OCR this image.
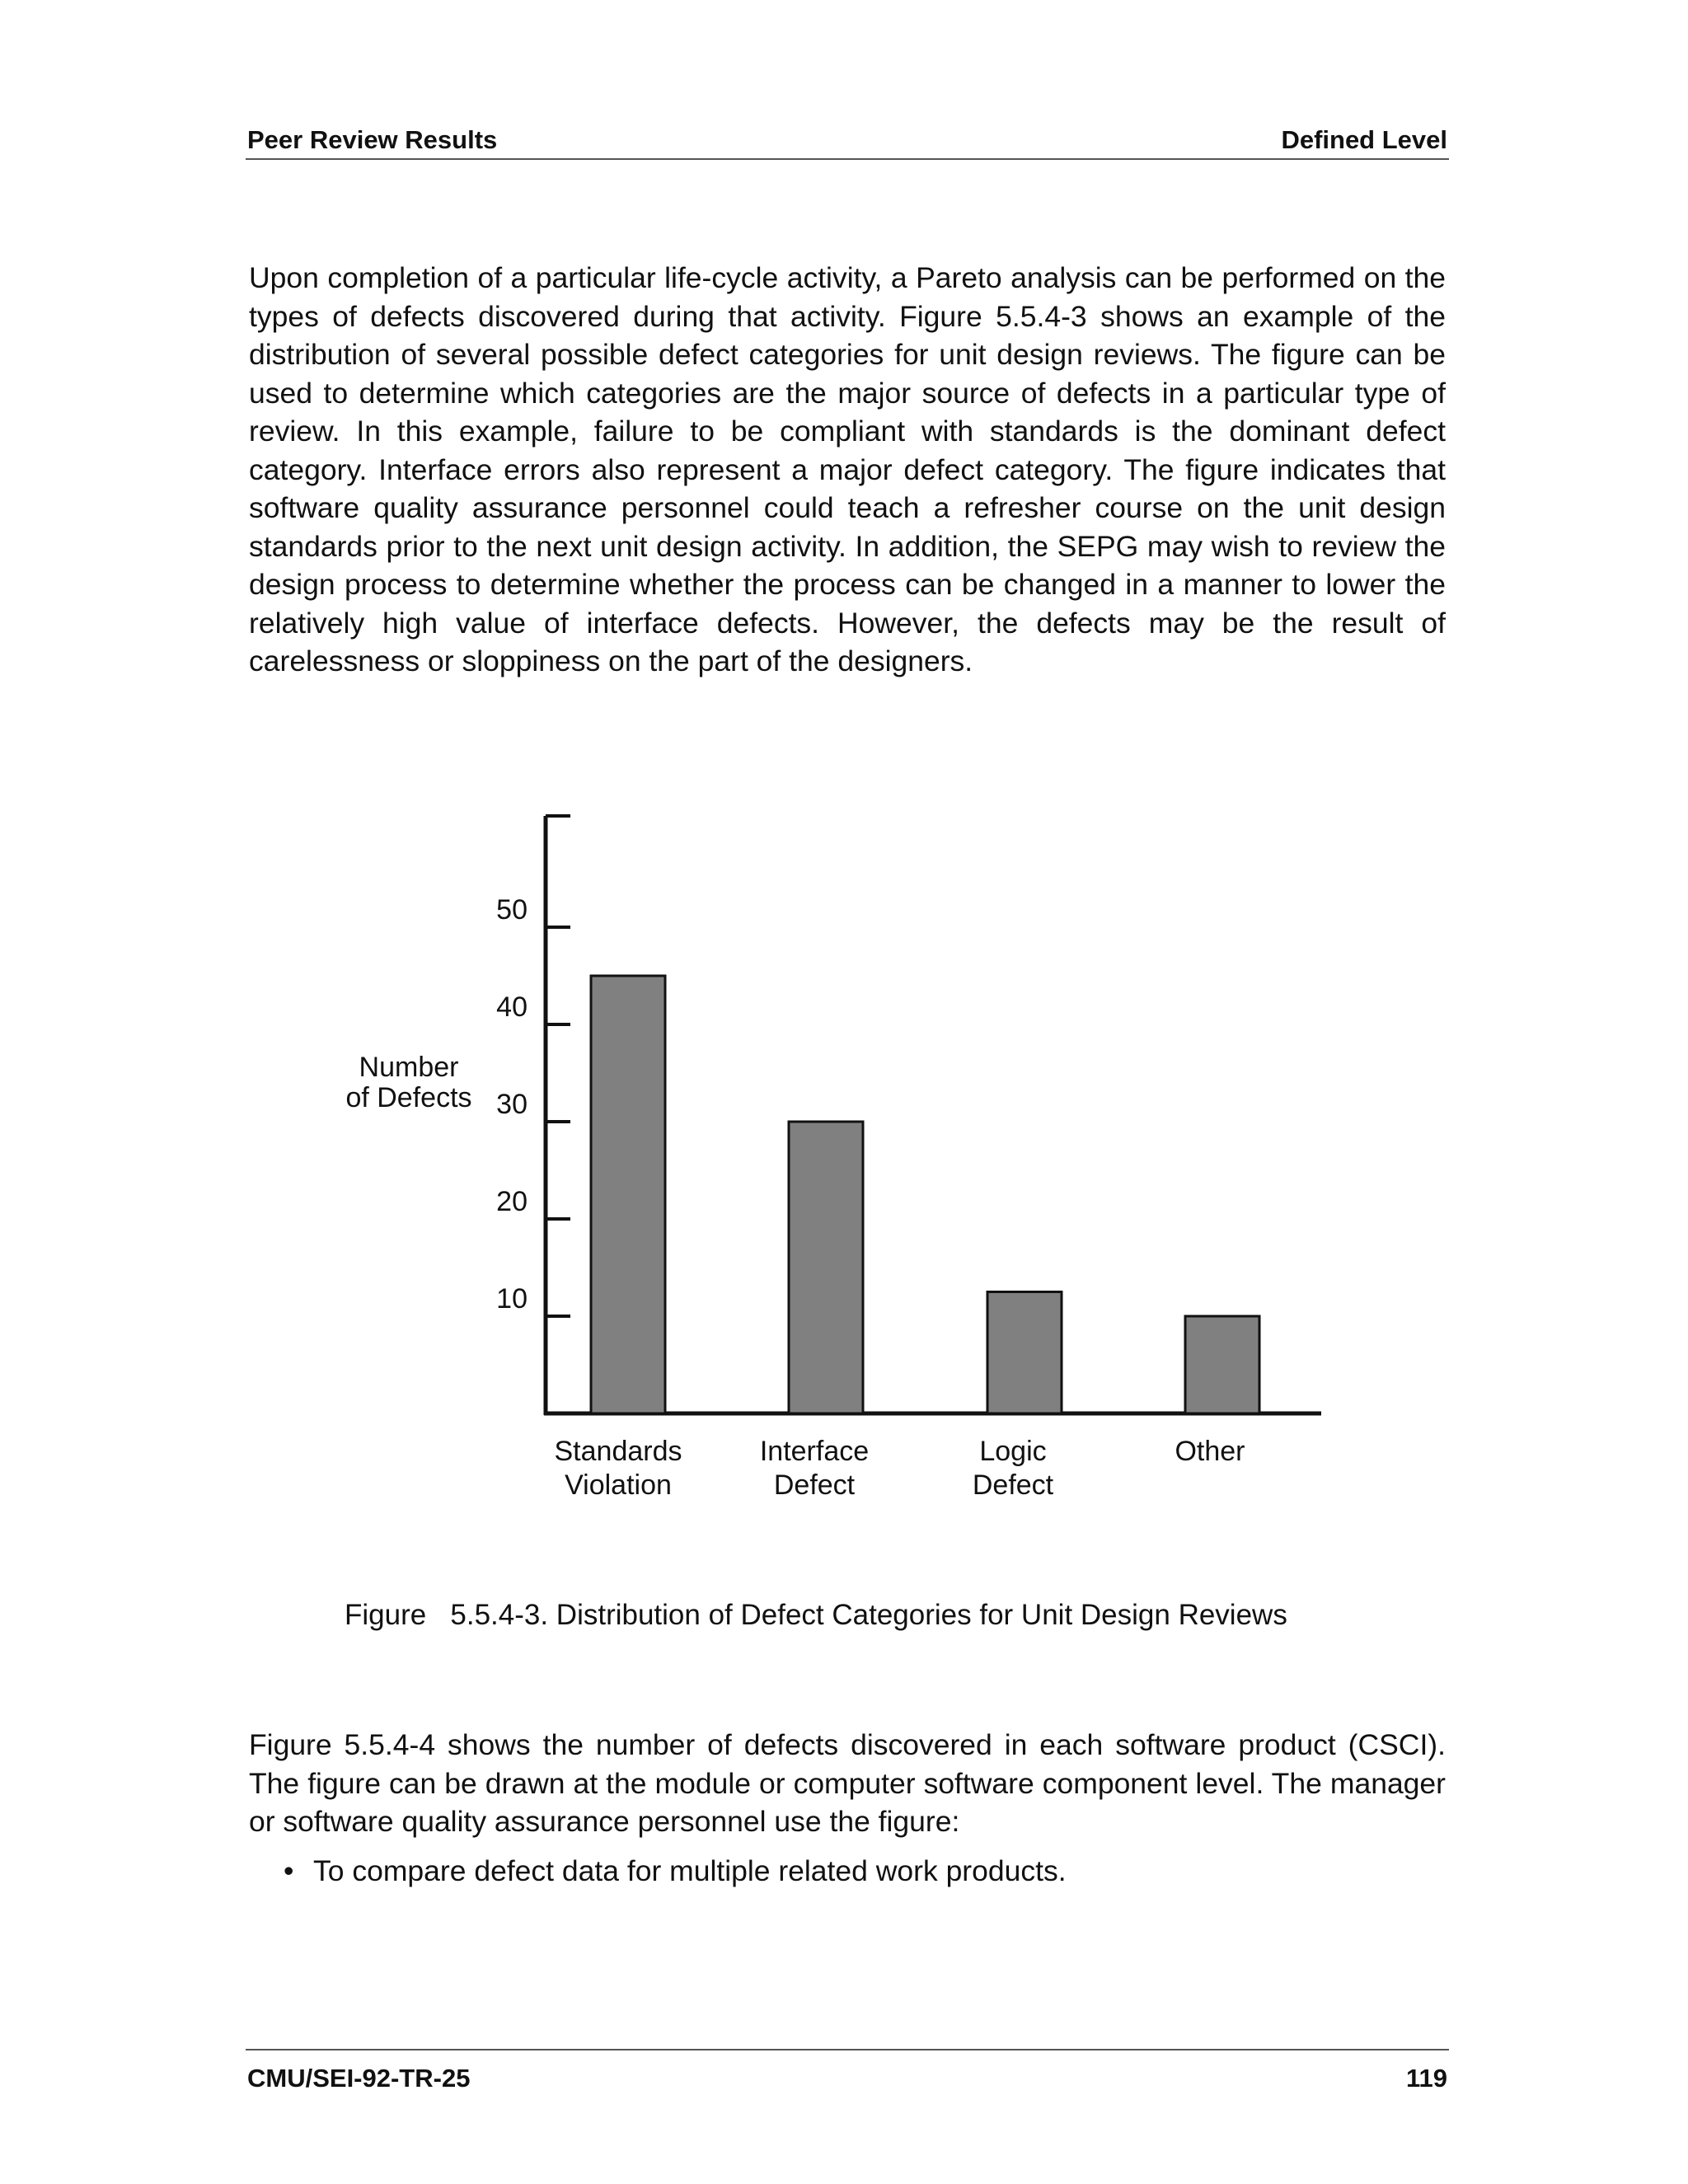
Peer Review Results	Defined Level

Upon completion of a particular life-cycle activity, a Pareto analysis can be performed on the types of defects discovered during that activity. Figure 5.5.4-3 shows an example of the distribution of several possible defect categories for unit design reviews. The figure can be used to determine which categories are the major source of defects in a particular type of review. In this example, failure to be compliant with standards is the dominant defect category. Interface errors also represent a major defect category. The figure indicates that software quality assurance personnel could teach a refresher course on the unit design standards prior to the next unit design activity. In addition, the SEPG may wish to review the design process to determine whether the process can be changed in a manner to lower the relatively high value of interface defects. However, the defects may be the result of carelessness or sloppiness on the part of the designers.

10
20
30
40
50
Number
of Defects
Standards
Violation
Interface
Defect
Logic
Defect
Other

Figure   5.5.4-3. Distribution of Defect Categories for Unit Design Reviews

Figure 5.5.4-4 shows the number of defects discovered in each software product (CSCI). The figure can be drawn at the module or computer software component level. The manager or software quality assurance personnel use the figure:

• To compare defect data for multiple related work products.
CMU/SEI-92-TR-25	119
